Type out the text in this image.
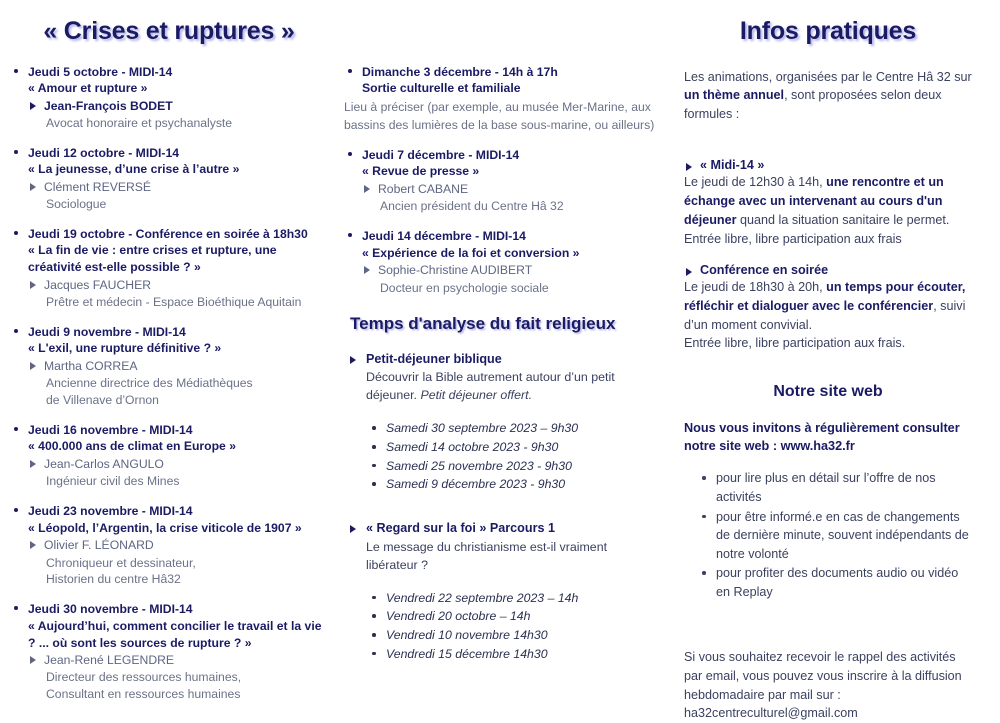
« Crises et ruptures »
Jeudi 5 octobre - MIDI-14
« Amour et rupture »
Jean-François BODET
Avocat honoraire et psychanalyste
Jeudi 12 octobre - MIDI-14
« La jeunesse, d’une crise à l’autre »
Clément REVERSÉ
Sociologue
Jeudi 19 octobre - Conférence en soirée à 18h30
« La fin de vie : entre crises et rupture, une créativité est-elle possible ? »
Jacques FAUCHER
Prêtre et médecin - Espace Bioéthique Aquitain
Jeudi 9 novembre - MIDI-14
« L'exil, une rupture définitive ? »
Martha CORREA
Ancienne directrice des Médiathèques
de Villenave d’Ornon
Jeudi 16 novembre - MIDI-14
« 400.000 ans de climat en Europe »
Jean-Carlos ANGULO
Ingénieur civil des Mines
Jeudi 23 novembre - MIDI-14
« Léopold, l’Argentin, la crise viticole de 1907 »
Olivier F. LÉONARD
Chroniqueur et dessinateur,
Historien du centre Hâ32
Jeudi 30 novembre - MIDI-14
« Aujourd’hui, comment concilier le travail et la vie ? ... où sont les sources de rupture ? »
Jean-René LEGENDRE
Directeur des ressources humaines,
Consultant en ressources humaines
Dimanche 3 décembre - 14h à 17h
Sortie culturelle et familiale
Lieu à préciser (par exemple, au musée Mer-Marine, aux bassins des lumières de la base sous-marine, ou ailleurs)
Jeudi 7 décembre - MIDI-14
« Revue de presse »
Robert CABANE
Ancien président du Centre Hâ 32
Jeudi 14 décembre - MIDI-14
« Expérience de la foi et conversion »
Sophie-Christine AUDIBERT
Docteur en psychologie sociale
Temps d'analyse du fait religieux
Petit-déjeuner biblique
Découvrir la Bible autrement autour d’un petit déjeuner. Petit déjeuner offert.
Samedi 30 septembre 2023 – 9h30
Samedi 14 octobre 2023 - 9h30
Samedi 25 novembre 2023 - 9h30
Samedi 9 décembre 2023 - 9h30
« Regard sur la foi » Parcours 1
Le message du christianisme est-il vraiment libérateur ?
Vendredi 22 septembre 2023 – 14h
Vendredi 20 octobre – 14h
Vendredi 10 novembre 14h30
Vendredi 15 décembre 14h30
Infos pratiques

Les animations, organisées par le Centre Hâ 32 sur un thème annuel, sont proposées selon deux formules :

« Midi-14 »

Le jeudi de 12h30 à 14h, une rencontre et un échange avec un intervenant au cours d'un déjeuner quand la situation sanitaire le permet.

Entrée libre, libre participation aux frais

Conférence en soirée

Le jeudi de 18h30 à 20h, un temps pour écouter, réfléchir et dialoguer avec le conférencier, suivi d’un moment convivial.

Entrée libre, libre participation aux frais.

Notre site web
Nous vous invitons à régulièrement consulter notre site web : www.ha32.fr
pour lire plus en détail sur l’offre de nos activités
pour être informé.e en cas de changements de dernière minute, souvent indépendants de notre volonté
pour profiter des documents audio ou vidéo en Replay

Si vous souhaitez recevoir le rappel des activités par email, vous pouvez vous inscrire à la diffusion hebdomadaire par mail sur : ha32centreculturel@gmail.com
